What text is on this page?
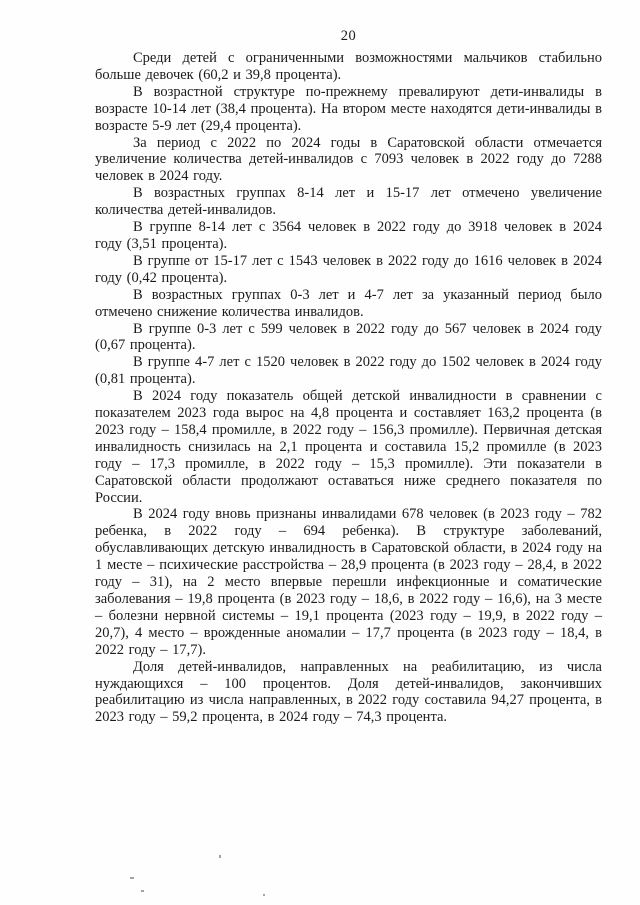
20

Среди детей с ограниченными возможностями мальчиков стабильно больше девочек (60,2 и 39,8 процента).

В возрастной структуре по-прежнему превалируют дети-инвалиды в возрасте 10-14 лет (38,4 процента). На втором месте находятся дети-инвалиды в возрасте 5-9 лет (29,4 процента).

За период с 2022 по 2024 годы в Саратовской области отмечается увеличение количества детей-инвалидов с 7093 человек в 2022 году до 7288 человек в 2024 году.

В возрастных группах 8-14 лет и 15-17 лет отмечено увеличение количества детей-инвалидов.

В группе 8-14 лет с 3564 человек в 2022 году до 3918 человек в 2024 году (3,51 процента).

В группе от 15-17 лет с 1543 человек в 2022 году до 1616 человек в 2024 году (0,42 процента).

В возрастных группах 0-3 лет и 4-7 лет за указанный период было отмечено снижение количества инвалидов.

В группе 0-3 лет с 599 человек в 2022 году до 567 человек в 2024 году (0,67 процента).

В группе 4-7 лет с 1520 человек в 2022 году до 1502 человек в 2024 году (0,81 процента).

В 2024 году показатель общей детской инвалидности в сравнении с показателем 2023 года вырос на 4,8 процента и составляет 163,2 процента (в 2023 году – 158,4 промилле, в 2022 году – 156,3 промилле). Первичная детская инвалидность снизилась на 2,1 процента и составила 15,2 промилле (в 2023 году – 17,3 промилле, в 2022 году – 15,3 промилле). Эти показатели в Саратовской области продолжают оставаться ниже среднего показателя по России.

В 2024 году вновь признаны инвалидами 678 человек (в 2023 году – 782 ребенка, в 2022 году – 694 ребенка). В структуре заболеваний, обуславливающих детскую инвалидность в Саратовской области, в 2024 году на 1 месте – психические расстройства – 28,9 процента (в 2023 году – 28,4, в 2022 году – 31), на 2 место впервые перешли инфекционные и соматические заболевания – 19,8 процента (в 2023 году – 18,6, в 2022 году – 16,6), на 3 месте – болезни нервной системы – 19,1 процента (2023 году – 19,9, в 2022 году – 20,7), 4 место – врожденные аномалии – 17,7 процента (в 2023 году – 18,4, в 2022 году – 17,7).

Доля детей-инвалидов, направленных на реабилитацию, из числа нуждающихся – 100 процентов. Доля детей-инвалидов, закончивших реабилитацию из числа направленных, в 2022 году составила 94,27 процента, в 2023 году – 59,2 процента, в 2024 году – 74,3 процента.
